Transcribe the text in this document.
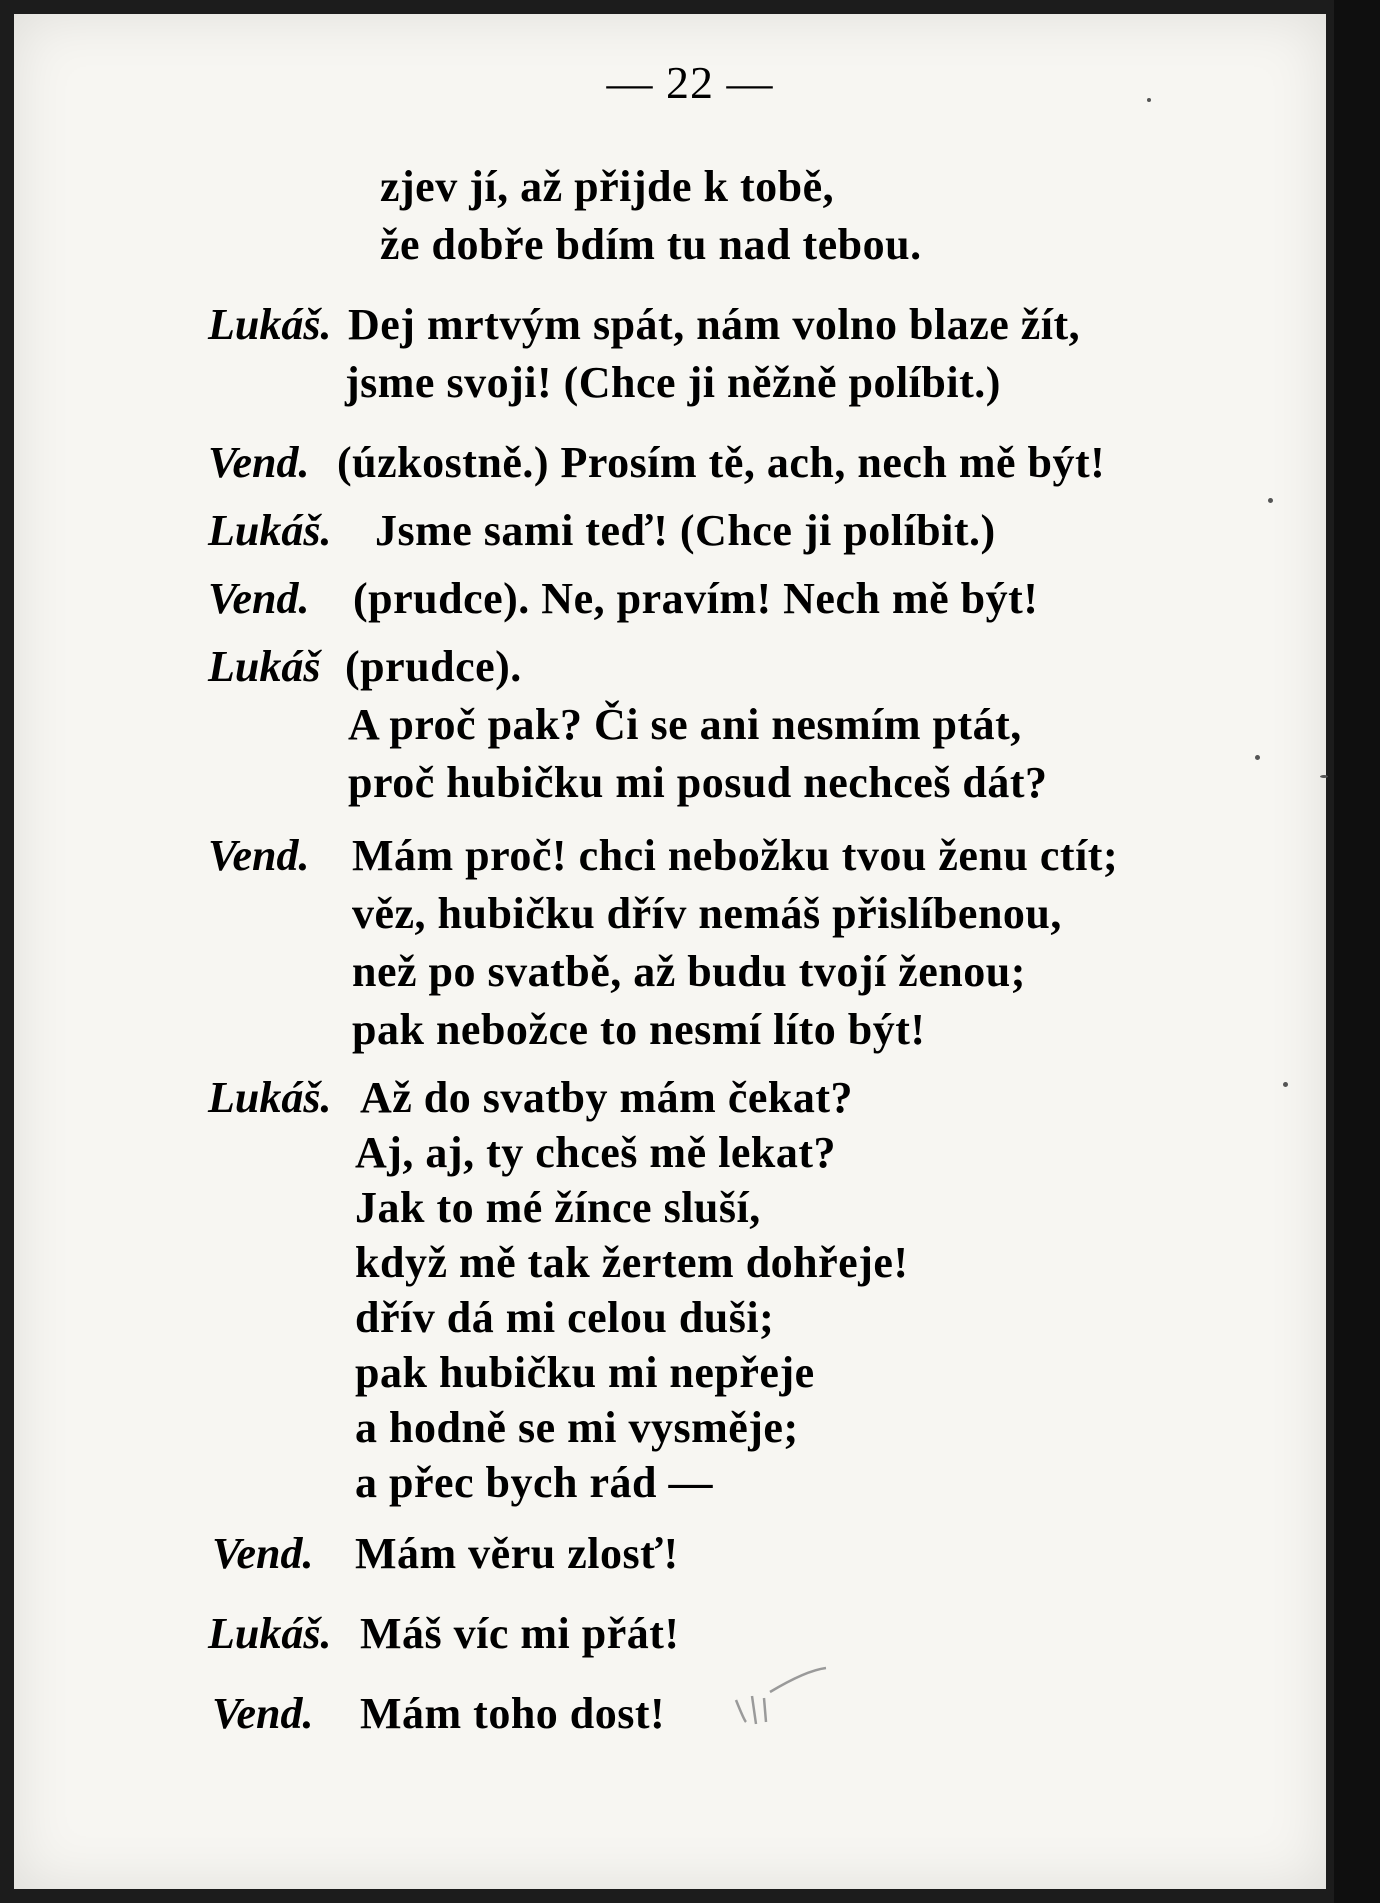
— 22 —
zjev jí, až přijde k tobě,
že dobře bdím tu nad tebou.
Lukáš. Dej mrtvým spát, nám volno blaze žít,
jsme svoji! (Chce ji něžně políbit.)
Vend. (úzkostně.) Prosím tě, ach, nech mě být!
Lukáš. Jsme sami teď! (Chce ji políbit.)
Vend. (prudce). Ne, pravím! Nech mě být!
Lukáš (prudce).
A proč pak? Či se ani nesmím ptát,
proč hubičku mi posud nechceš dát?
Vend. Mám proč! chci nebožku tvou ženu ctít;
věz, hubičku dřív nemáš přislíbenou,
než po svatbě, až budu tvojí ženou;
pak nebožce to nesmí líto být!
Lukáš. Až do svatby mám čekat?
Aj, aj, ty chceš mě lekat?
Jak to mé žínce sluší,
když mě tak žertem dohřeje!
dřív dá mi celou duši;
pak hubičku mi nepřeje
a hodně se mi vysměje;
a přec bych rád —
Vend. Mám věru zlosť!
Lukáš. Máš víc mi přát!
Vend. Mám toho dost!
